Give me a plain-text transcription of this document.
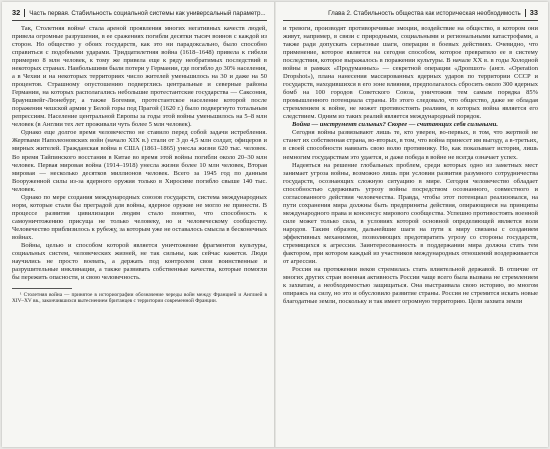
32 Часть первая. Стабильность социальной системы как универсальный параметр...

Так, Столетняя война¹ стала ареной проявления многих негативных качеств людей, привела огромные разрушения, в ее сражениях погибли десятки тысяч воинов с каждой из сторон. Но общество у обоих государств, как это ни парадоксально, было способно справиться с подобными ударами. Тридцатилетняя война (1618–1648) привела к гибели примерно 8 млн человек, к тому же привела еще к ряду необратимых последствий в некоторых странах. Наибольшими были потери у Германии, где погибло до 30% населения, а в Чехии и на некоторых территориях число жителей уменьшилось на 30 и даже на 50 процентов. Страшному опустошению подверглись центральные и северные районы Германии, на которых располагались небольшие протестантские государства — Саксония, Брауншвейг-Люнебург, а также Богемия, протестантское население которой после поражения чешской армии у Белой горы под Прагой (1620 г.) было подвергнуто тотальным репрессиям. Население центральной Европы за годы этой войны уменьшилось на 5–8 млн человек (в Англии тех лет проживали чуть более 5 млн человек).

Однако еще долгое время человечество не ставило перед собой задачи истребления. Жертвами Наполеоновских войн (начало XIX в.) стали от 3 до 4,5 млн солдат, офицеров и мирных жителей. Гражданская война в США (1861–1865) унесла жизни 620 тыс. человек. Во время Тайпинского восстания в Китае во время этой войны погибли около 20–30 млн человек. Первая мировая война (1914–1918) унесла жизни более 10 млн человек, Вторая мировая — несколько десятков миллионов человек. Всего за 1945 год по данным Вооруженной силы из-за ядерного оружия только в Хиросиме погибло свыше 140 тыс. человек.

Однако по мере создания международных союзов государств, система международных норм, которые стали бы преградой для войны, ядерное оружие не могло не принести. В процессе развития цивилизации людям стало понятно, что способность к самоуничтожению присуща не только человеку, но и человеческому сообществу. Человечество приблизилось к рубежу, за которым уже не оставалось смысла в бесконечных войнах.

Войны, целью и способом которой является уничтожение фрагментов культуры, социальных систем, человеческих жизней, не так сильны, как сейчас кажется. Люди научились не просто воевать, а держать под контролем свои воинственные и разрушительные инклинации, а также развивать собственные качества, которые помогли бы пережить опасности, и свою человечность.

¹ Столетняя война — принятое в историографии обозначение череды войн между Францией и Англией в XIV–XV вв., закончившихся вытеснением британцев с территории современной Франции.

Глава 2. Стабильность общества как историческая необходимость 33

и тревоги, производят противоречивые эмоции, воздействие на общество, в котором они живут, например, в связи с природными, социальными и региональными катастрофами, а также ради допускать серьезные шаги, операции в боевых действиях. Очевидно, что применение, которое является на сегодня способом, которое превратило ее в систему последствия, которое выражалось в поражении культуры. В начале ХХ в. в годы Холодной войны в рамках «Продуманных» — секретной операции «Дропшот» (англ. «Operation Dropshot»), плана нанесения массированных ядерных ударов по территории СССР и государств, находившихся в его зоне влияния, предполагалось сбросить около 300 ядерных бомб на 100 городов Советского Союза, уничтожив тем самым порядка 85% промышленного потенциала страны. Из этого следовало, что общество, даже не обладая стремлением к войне, не может противостоять реалиям, в которых война является его следствием. Одним из таких реалий является международный порядок.

Война — инструмент сильных? Скорее — считающих себя сильными.

Сегодня войны развязывают лишь те, кто уверен, во-первых, в том, что жертвой не станет их собственная страна, во-вторых, в том, что война принесет им выгоду, а в-третьих, в своей способности навязать свою волю противнику. Но, как показывает история, лишь немногим государствам это удается, и даже победа в войне не всегда означает успех.

Надеяться на решение глобальных проблем, среди которых одно из заметных мест занимает угроза войны, возможно лишь при условии развития разумного сотрудничества государств, осознающих сложную ситуацию в мире. Сегодня человечество обладает способностью сдерживать угрозу войны посредством осознанного, совместного и согласованного действия человечества. Правда, чтобы этот потенциал реализовался, на пути сохранения мира должны быть предприняты действия, опирающиеся на принципы международного права и консенсус мирового сообщества. Успешно противостоять военной силе может только сила, в условиях которой основной определяющей является воля народов. Таким образом, дальнейшие шаги на пути к миру связаны с созданием эффективных механизмов, позволяющих предотвратить угрозу со стороны государств, стремящихся к агрессии. Заинтересованность в поддержании мира должна стать тем фактором, при котором каждый из участников международных отношений воздерживается от агрессии.

Россия на протяжении веков стремилась стать влиятельной державой. В отличие от многих других стран военная активность России чаще всего была вызвана не стремлением к захватам, а необходимостью защищаться. Она выстраивала свою историю, во многом опираясь на силу, но это и обусловило развитие страны. Россия не стремится искать новые благодатные земли, поскольку и так имеет огромную территорию. Цели захвата земли
